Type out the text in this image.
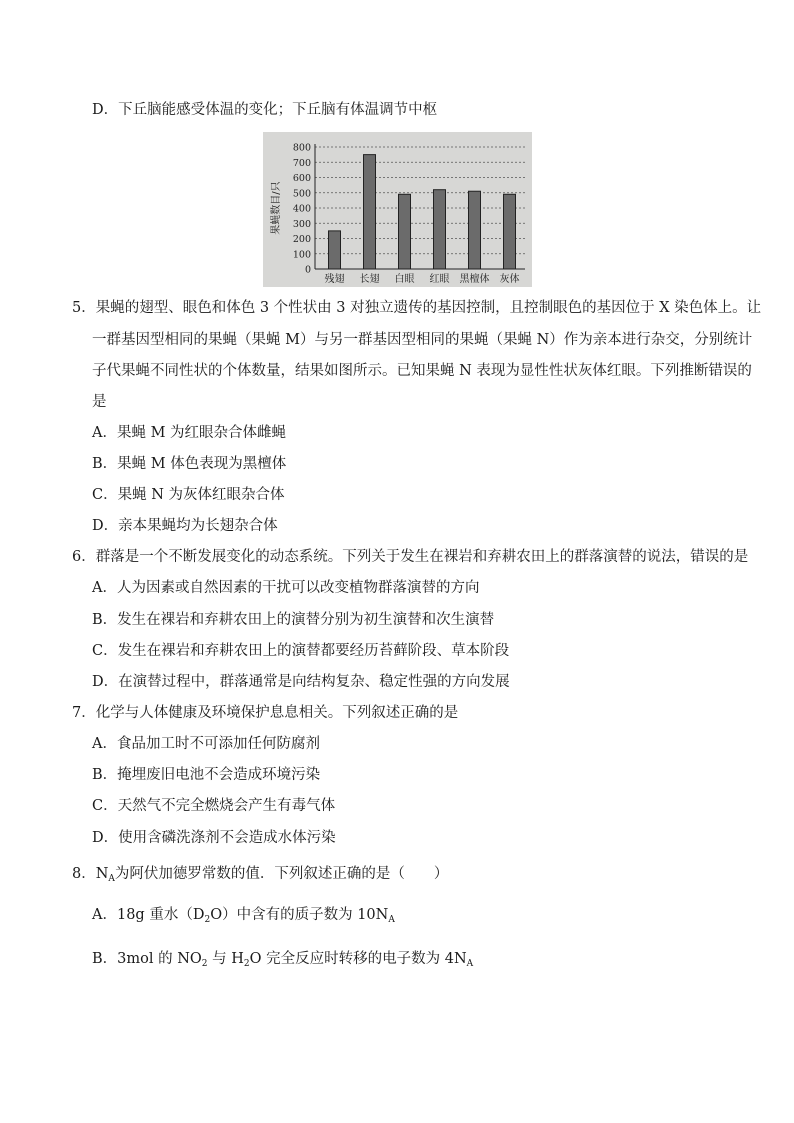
D．下丘脑能感受体温的变化；下丘脑有体温调节中枢
0
100
200
300
400
500
600
700
800
果蝇数目/只
残翅 长翅 白眼 红眼 黑檀体 灰体
5．果蝇的翅型、眼色和体色 3 个性状由 3 对独立遗传的基因控制，且控制眼色的基因位于 X 染色体上。让
一群基因型相同的果蝇（果蝇 M）与另一群基因型相同的果蝇（果蝇 N）作为亲本进行杂交，分别统计
子代果蝇不同性状的个体数量，结果如图所示。已知果蝇 N 表现为显性性状灰体红眼。下列推断错误的
是
A．果蝇 M 为红眼杂合体雌蝇
B．果蝇 M 体色表现为黑檀体
C．果蝇 N 为灰体红眼杂合体
D．亲本果蝇均为长翅杂合体
6．群落是一个不断发展变化的动态系统。下列关于发生在裸岩和弃耕农田上的群落演替的说法，错误的是
A．人为因素或自然因素的干扰可以改变植物群落演替的方向
B．发生在裸岩和弃耕农田上的演替分别为初生演替和次生演替
C．发生在裸岩和弃耕农田上的演替都要经历苔藓阶段、草本阶段
D．在演替过程中，群落通常是向结构复杂、稳定性强的方向发展
7．化学与人体健康及环境保护息息相关。下列叙述正确的是
A．食品加工时不可添加任何防腐剂
B．掩埋废旧电池不会造成环境污染
C．天然气不完全燃烧会产生有毒气体
D．使用含磷洗涤剂不会造成水体污染
8．$N_A$为阿伏加德罗常数的值．下列叙述正确的是（　　）
A．18g 重水$(D_2O)$中含有的质子数为 $10N_A$
B．3mol 的 $NO_2$ 与 $H_2O$ 完全反应时转移的电子数为 $4N_A$
